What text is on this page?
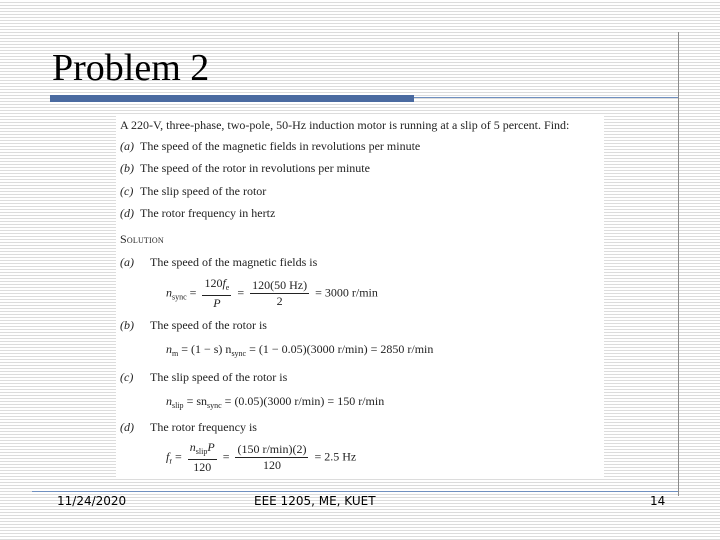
Problem 2
A 220-V, three-phase, two-pole, 50-Hz induction motor is running at a slip of 5 percent. Find:
(a) The speed of the magnetic fields in revolutions per minute
(b) The speed of the rotor in revolutions per minute
(c) The slip speed of the rotor
(d) The rotor frequency in hertz
Solution
(a) The speed of the magnetic fields is
$n_{sync} = \frac{120f_e}{P} = \frac{120(50 Hz)}{2} = 3000$ r/min
(b) The speed of the rotor is
$n_m = (1 - s) n_{sync} = (1 - 0.05)(3000$ r/min) = 2850 r/min
(c) The slip speed of the rotor is
$n_{slip} = sn_{sync} = (0.05)(3000$ r/min) = 150 r/min
(d) The rotor frequency is
$f_r = \frac{n_{slip}P}{120} = \frac{(150 r/\min)(2)}{120} = 2.5$ Hz
11/24/2020	EEE 1205, ME, KUET	14
